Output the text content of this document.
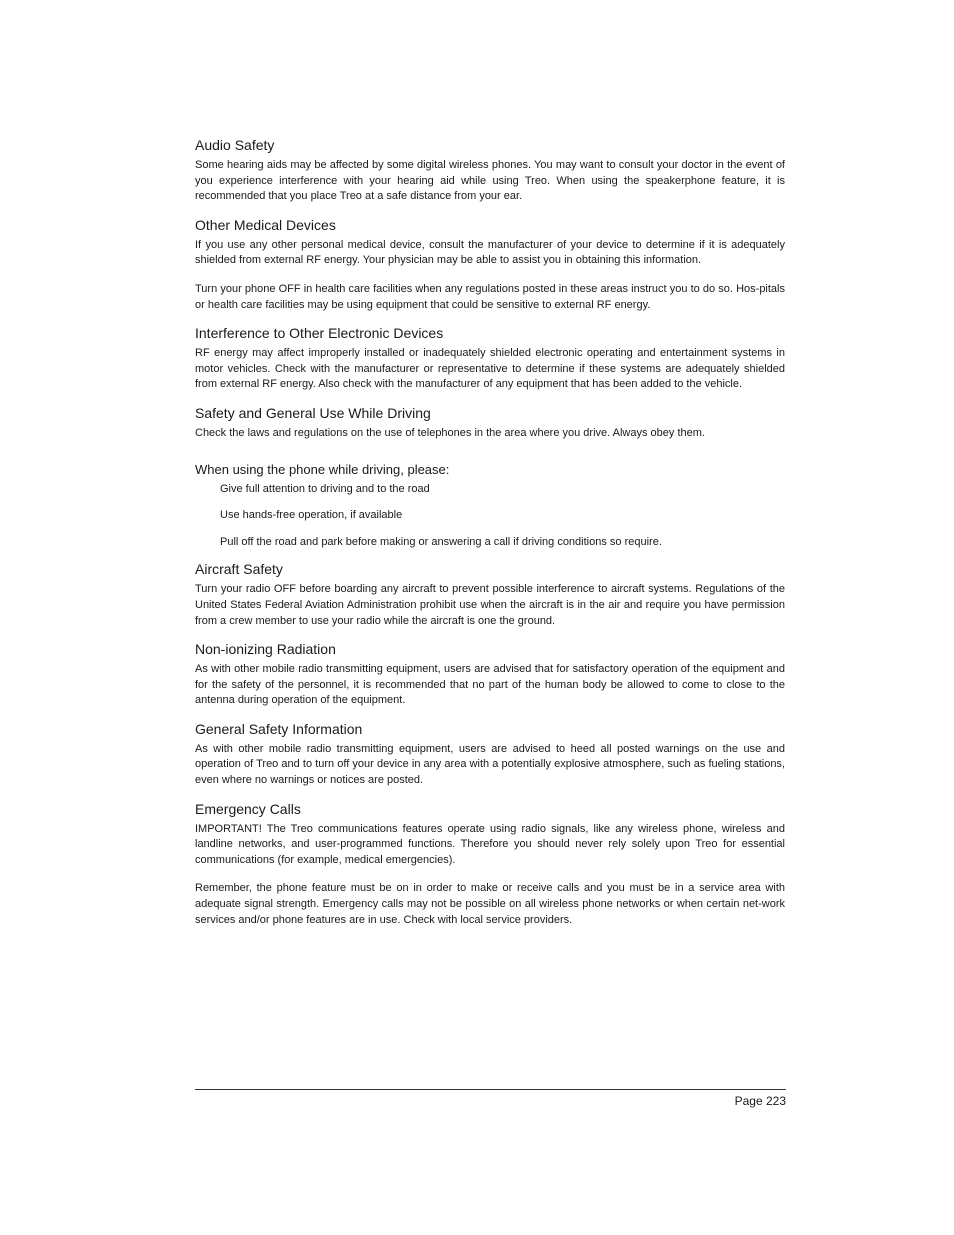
Audio Safety

Some hearing aids may be affected by some digital wireless phones. You may want to consult your doctor in the event of you experience interference with your hearing aid while using Treo. When using the speakerphone feature, it is recommended that you place Treo at a safe distance from your ear.

Other Medical Devices

If you use any other personal medical device, consult the manufacturer of your device to determine if it is adequately shielded from external RF energy. Your physician may be able to assist you in obtaining this information.

Turn your phone OFF in health care facilities when any regulations posted in these areas instruct you to do so. Hos-pitals or health care facilities may be using equipment that could be sensitive to external RF energy.

Interference to Other Electronic Devices

RF energy may affect improperly installed or inadequately shielded electronic operating and entertainment systems in motor vehicles. Check with the manufacturer or representative to determine if these systems are adequately shielded from external RF energy. Also check with the manufacturer of any equipment that has been added to the vehicle.

Safety and General Use While Driving

Check the laws and regulations on the use of telephones in the area where you drive. Always obey them.

When using the phone while driving, please:
Give full attention to driving and to the road
Use hands-free operation, if available
Pull off the road and park before making or answering a call if driving conditions so require.
Aircraft Safety

Turn your radio OFF before boarding any aircraft to prevent possible interference to aircraft systems. Regulations of the United States Federal Aviation Administration prohibit use when the aircraft is in the air and require you have permission from a crew member to use your radio while the aircraft is one the ground.

Non-ionizing Radiation

As with other mobile radio transmitting equipment, users are advised that for satisfactory operation of the equipment and for the safety of the personnel, it is recommended that no part of the human body be allowed to come to close to the antenna during operation of the equipment.

General Safety Information

As with other mobile radio transmitting equipment, users are advised to heed all posted warnings on the use and operation of Treo and to turn off your device in any area with a potentially explosive atmosphere, such as fueling stations, even where no warnings or notices are posted.

Emergency Calls

IMPORTANT! The Treo communications features operate using radio signals, like any wireless phone, wireless and landline networks, and user-programmed functions. Therefore you should never rely solely upon Treo for essential communications (for example, medical emergencies).

Remember, the phone feature must be on in order to make or receive calls and you must be in a service area with adequate signal strength. Emergency calls may not be possible on all wireless phone networks or when certain net-work services and/or phone features are in use. Check with local service providers.

Page 223
